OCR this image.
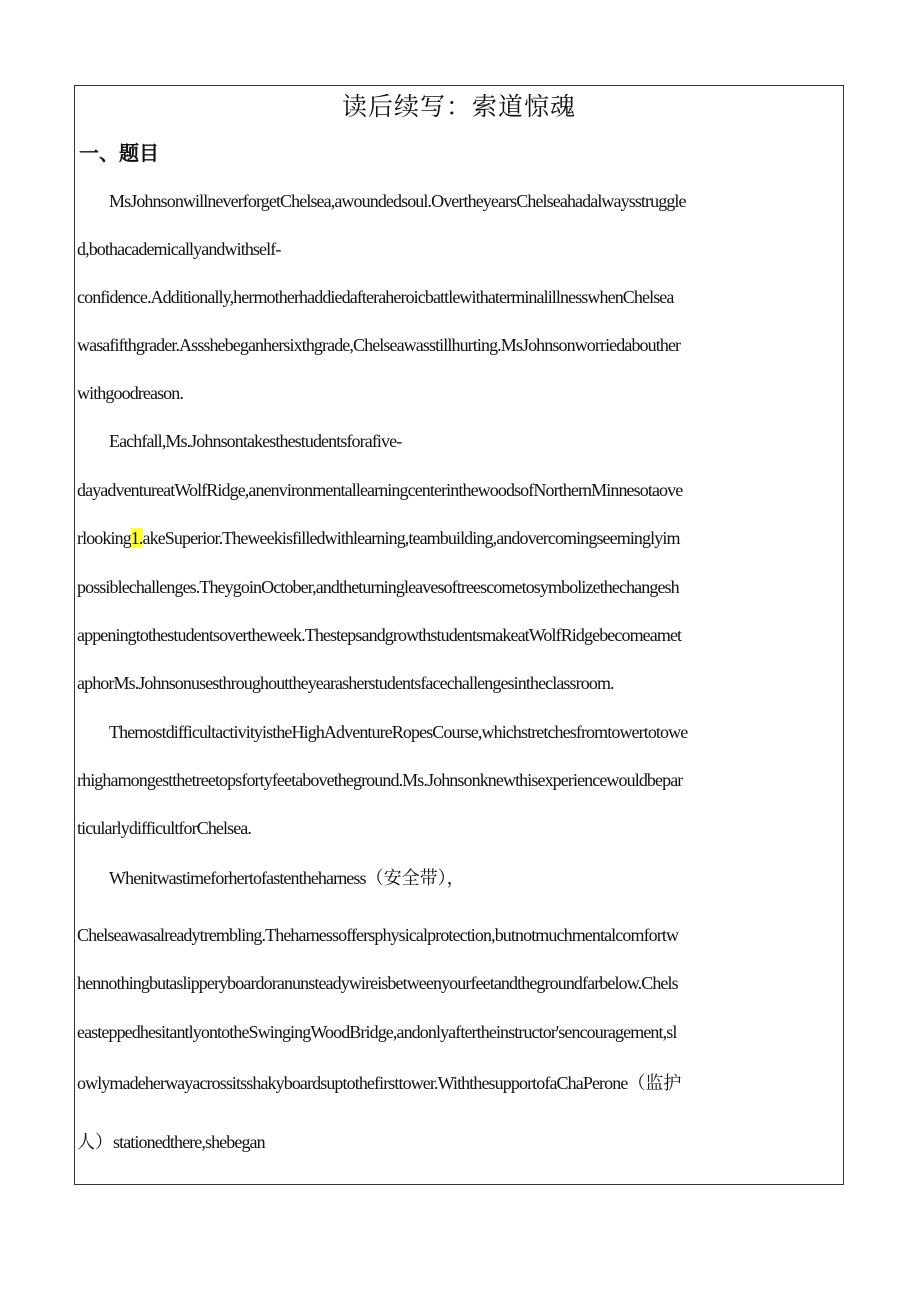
读后续写：索道惊魂
一、题目

MsJohnsonwillneverforgetChelsea,awoundedsoul.OvertheyearsChelseahadalwaysstruggle

d,bothacademicallyandwithself-

confidence.Additionally,hermotherhaddiedafteraheroicbattlewithaterminalillnesswhenChelsea

wasafifthgrader.Assshebeganhersixthgrade,Chelseawasstillhurting.MsJohnsonworriedabouther

withgoodreason.

Eachfall,Ms.Johnsontakesthestudentsforafive-

dayadventureatWolfRidge,anenvironmentallearningcenterinthewoodsofNorthernMinnesotaove

rlooking1.akeSuperior.Theweekisfilledwithlearning,teambuilding,andovercomingseeminglyim

possiblechallenges.TheygoinOctober,andtheturningleavesoftreescometosymbolizethechangesh

appeningtothestudentsovertheweek.ThestepsandgrowthstudentsmakeatWolfRidgebecomeamet

aphorMs.Johnsonusesthroughouttheyearasherstudentsfacechallengesintheclassroom.

ThemostdifficultactivityistheHighAdventureRopesCourse,whichstretchesfromtowertotowe

rhighamongestthetreetopsfortyfeetabovetheground.Ms.Johnsonknewthisexperiencewouldbepar

ticularlydifficultforChelsea.

Whenitwastimeforhertofastentheharness（安全带），

Chelseawasalreadytrembling.Theharnessoffersphysicalprotection,butnotmuchmentalcomfortw

hennothingbutaslipperyboardoranunsteadywireisbetweenyourfeetandthegroundfarbelow.Chels

easteppedhesitantlyontotheSwingingWoodBridge,andonlyaftertheinstructor'sencouragement,sl

owlymadeherwayacrossitsshakyboardsuptothefirsttower.WiththesupportofaChaPerone（监护

人）stationedthere,shebegan
